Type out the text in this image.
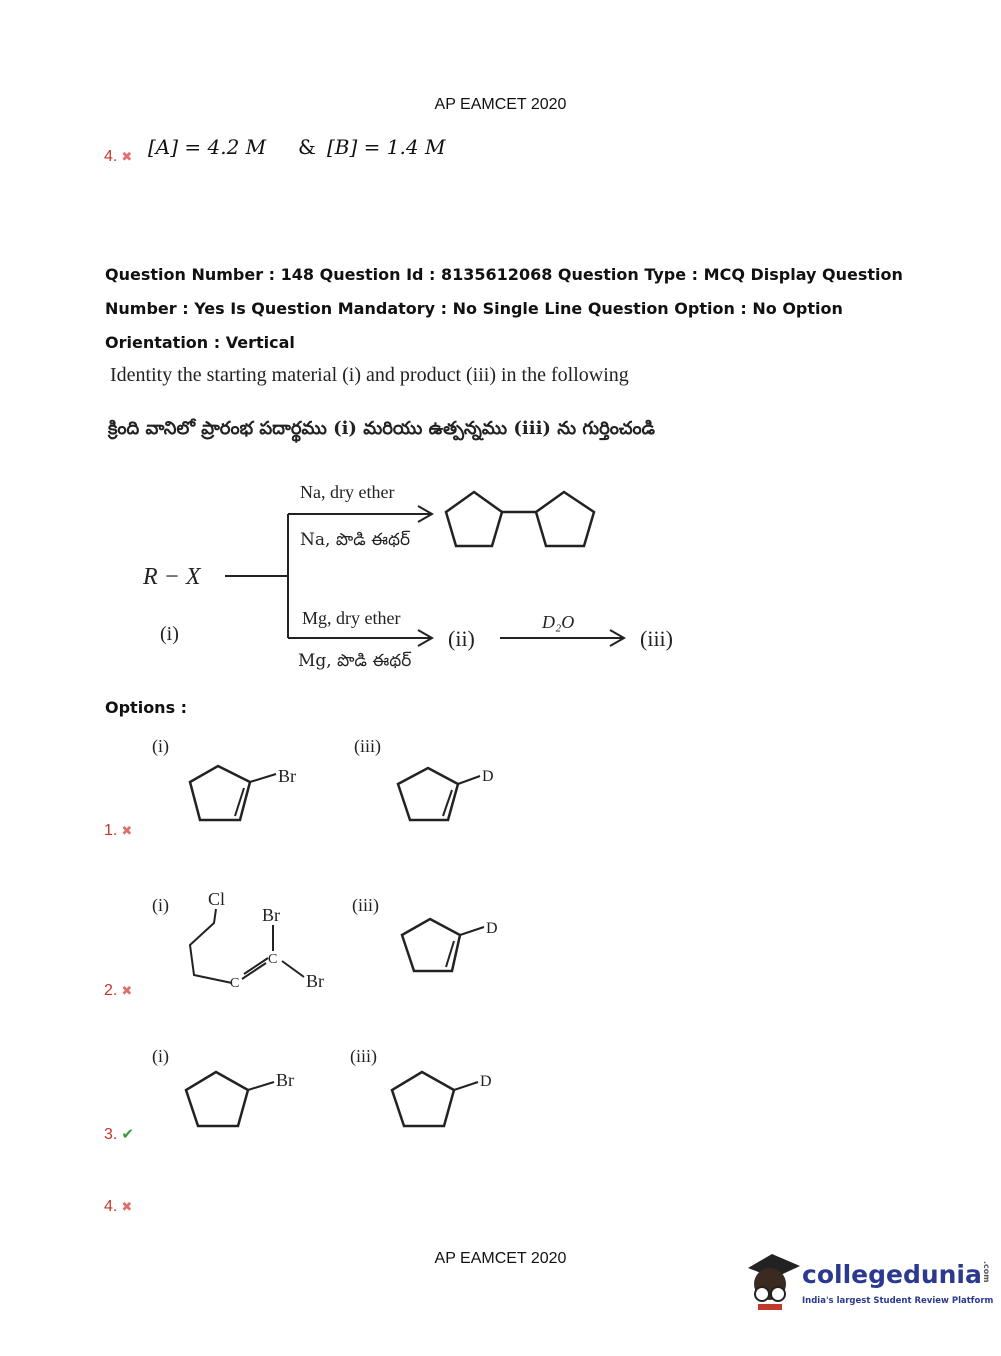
AP EAMCET 2020
4. ✖ [A] = 4.2 M & [B] = 1.4 M
Question Number : 148 Question Id : 8135612068 Question Type : MCQ Display Question
Number : Yes Is Question Mandatory : No Single Line Question Option : No Option
Orientation : Vertical
Identity the starting material (i) and product (iii) in the following
క్రింది వానిలో ప్రారంభ పదార్థము (i) మరియు ఉత్పన్నము (iii) ను గుర్తించండి
R − X
(i)
Na, dry ether
Na, పొడి ఈథర్
Mg, dry ether
Mg, పొడి ఈథర్
(ii)
D₂O
(iii)
Options :
1. ✖
(i)
Br
(iii)
D
2. ✖
(i) Cl
C
C
Br
Br
(iii)
D
3. ✔
(i)
Br
(iii)
D
4. ✖
AP EAMCET 2020
collegedunia.com
India's largest Student Review Platform
